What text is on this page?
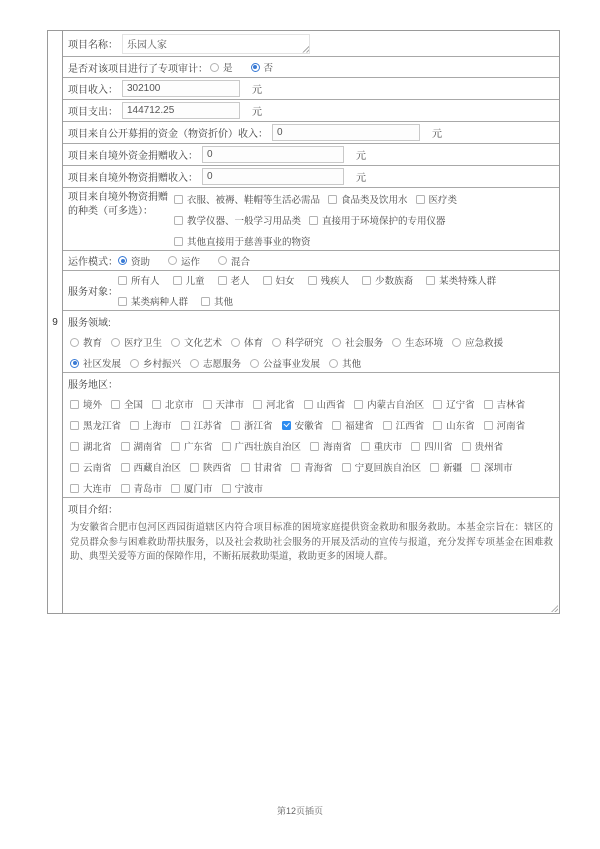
9
项目名称：
乐园人家
是否对该项目进行了专项审计： 是	否
项目收入：
302100	元
项目支出：
144712.25	元
项目来自公开募捐的资金（物资折价）收入：
0	元
项目来自境外资金捐赠收入：
0	元
项目来自境外物资捐赠收入：
0	元
项目来自境外物资捐赠的种类（可多选）：
衣服、被褥、鞋帽等生活必需品 食品类及饮用水 医疗类
教学仪器、一般学习用品类 直接用于环境保护的专用仪器
其他直接用于慈善事业的物资
运作模式： 资助	运作	混合
服务对象：
所有人	儿童	老人	妇女	残疾人	少数族裔	某类特殊人群
某类病种人群	其他
服务领域:
教育 医疗卫生 文化艺术 体育 科学研究 社会服务 生态环境 应急救援
社区发展 乡村振兴 志愿服务 公益事业发展 其他
服务地区：
境外 全国 北京市 天津市 河北省 山西省 内蒙古自治区 辽宁省 吉林省
黑龙江省 上海市 江苏省 浙江省 安徽省 福建省 江西省 山东省 河南省
湖北省 湖南省 广东省 广西壮族自治区 海南省 重庆市 四川省 贵州省
云南省 西藏自治区 陕西省 甘肃省 青海省 宁夏回族自治区 新疆 深圳市
大连市 青岛市 厦门市 宁波市
项目介绍：
为安徽省合肥市包河区西园街道辖区内符合项目标准的困境家庭提供资金救助和服务救助。本基金宗旨在：辖区的党员群众参与困难救助帮扶服务，以及社会救助社会服务的开展及活动的宣传与报道，充分发挥专项基金在困难救助、典型关爱等方面的保障作用，不断拓展救助渠道，救助更多的困境人群。
第12页插页
